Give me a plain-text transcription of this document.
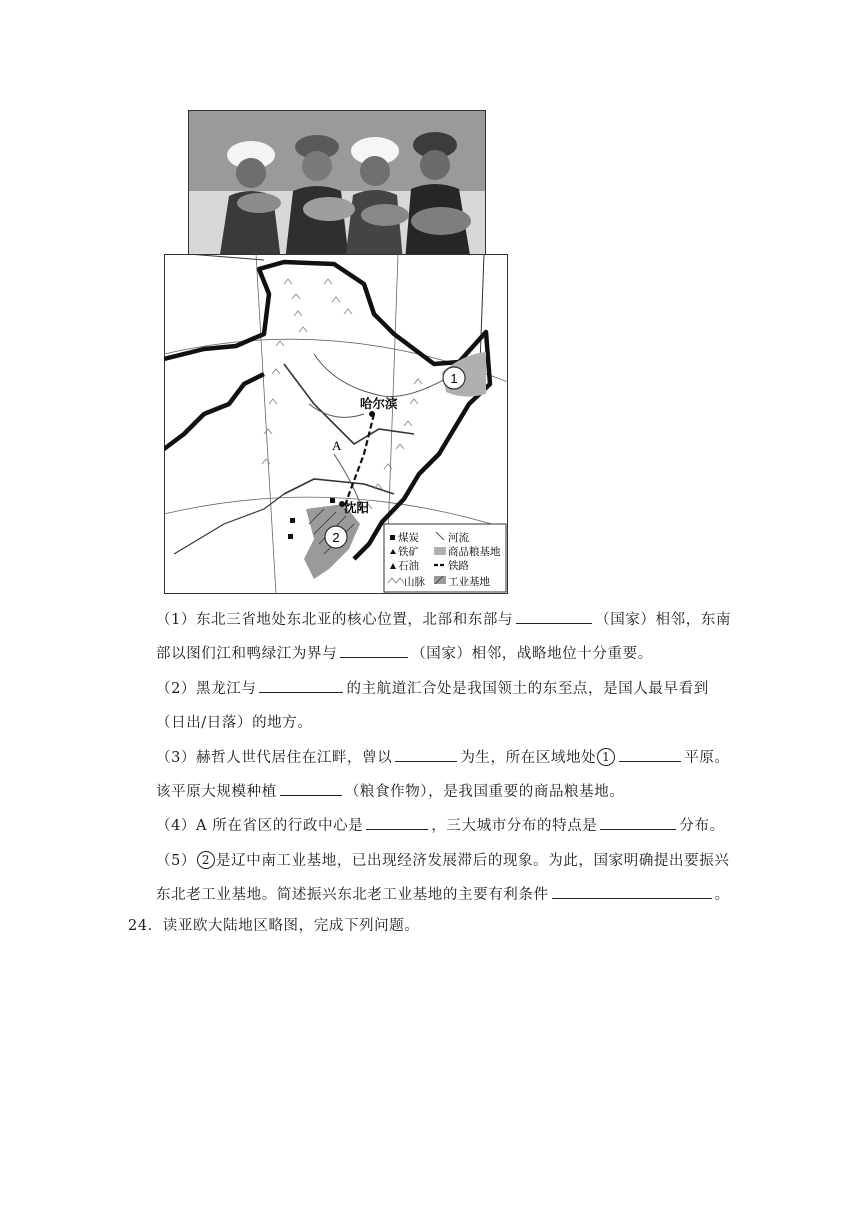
1
2
哈尔滨
沈阳
A
煤炭
铁矿
石油
山脉
河流
商品粮基地
铁路
工业基地
（1）东北三省地处东北亚的核心位置，北部和东部与	（国家）相邻，东南
部以图们江和鸭绿江为界与	（国家）相邻，战略地位十分重要。
（2）黑龙江与	的主航道汇合处是我国领土的东至点，是国人最早看到
（日出/日落）的地方。
（3）赫哲人世代居住在江畔，曾以	为生，所在区域地处 1	平原。
该平原大规模种植	（粮食作物），是我国重要的商品粮基地。
（4）A 所在省区的行政中心是	，三大城市分布的特点是	分布。
（5） 2 是辽中南工业基地，已出现经济发展滞后的现象。为此，国家明确提出要振兴
东北老工业基地。简述振兴东北老工业基地的主要有利条件	。
24．读亚欧大陆地区略图，完成下列问题。
